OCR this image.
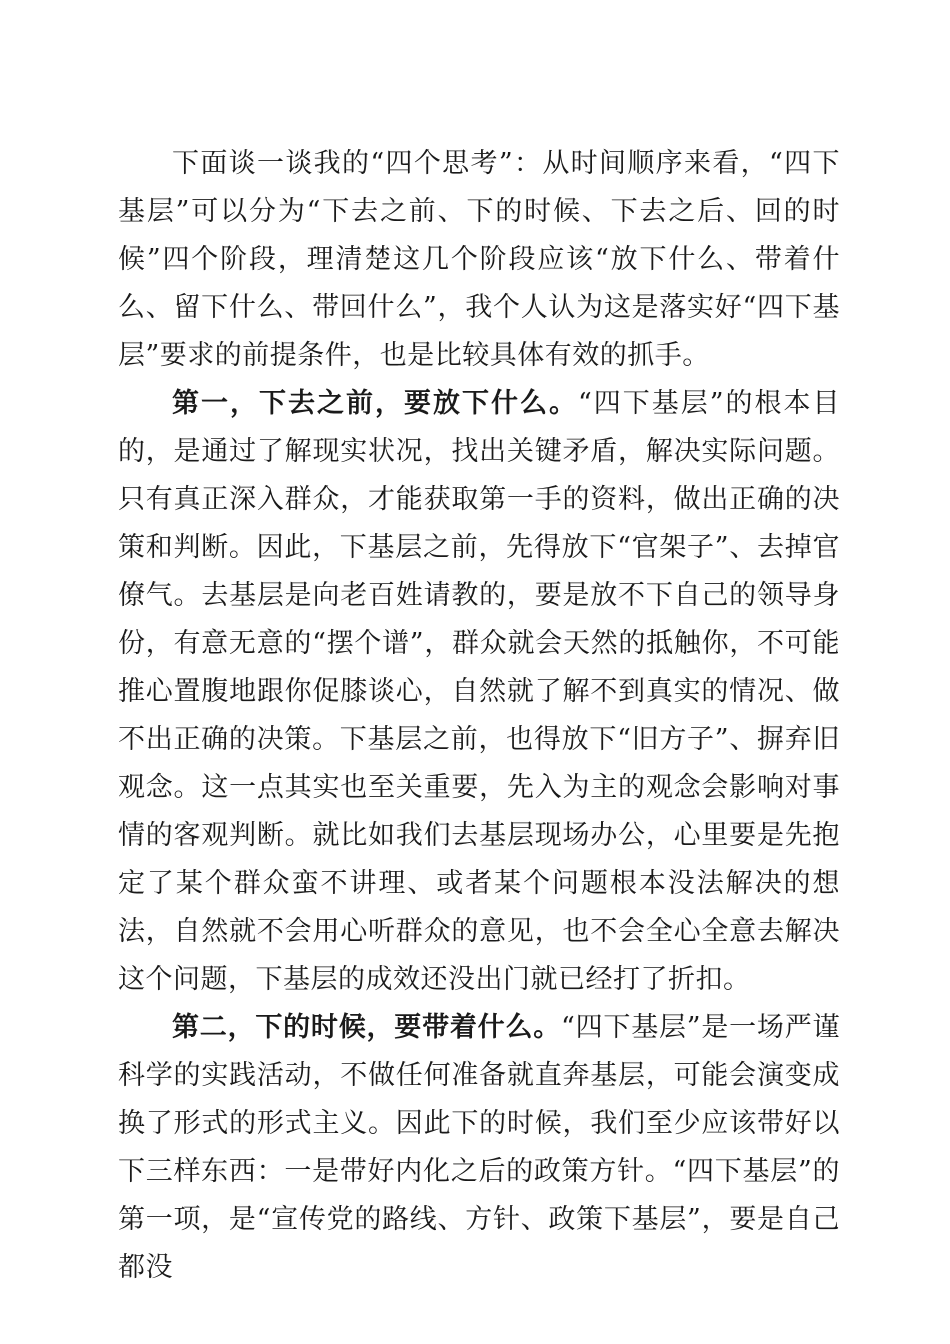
下面谈一谈我的“四个思考”：从时间顺序来看，“四下基层”可以分为“下去之前、下的时候、下去之后、回的时候”四个阶段，理清楚这几个阶段应该“放下什么、带着什么、留下什么、带回什么”，我个人认为这是落实好“四下基层”要求的前提条件，也是比较具体有效的抓手。

第一，下去之前，要放下什么。“四下基层”的根本目的，是通过了解现实状况，找出关键矛盾，解决实际问题。只有真正深入群众，才能获取第一手的资料，做出正确的决策和判断。因此，下基层之前，先得放下“官架子”、去掉官僚气。去基层是向老百姓请教的，要是放不下自己的领导身份，有意无意的“摆个谱”，群众就会天然的抵触你，不可能推心置腹地跟你促膝谈心，自然就了解不到真实的情况、做不出正确的决策。下基层之前，也得放下“旧方子”、摒弃旧观念。这一点其实也至关重要，先入为主的观念会影响对事情的客观判断。就比如我们去基层现场办公，心里要是先抱定了某个群众蛮不讲理、或者某个问题根本没法解决的想法，自然就不会用心听群众的意见，也不会全心全意去解决这个问题，下基层的成效还没出门就已经打了折扣。

第二，下的时候，要带着什么。“四下基层”是一场严谨科学的实践活动，不做任何准备就直奔基层，可能会演变成换了形式的形式主义。因此下的时候，我们至少应该带好以下三样东西：一是带好内化之后的政策方针。“四下基层”的第一项，是“宣传党的路线、方针、政策下基层”，要是自己都没
